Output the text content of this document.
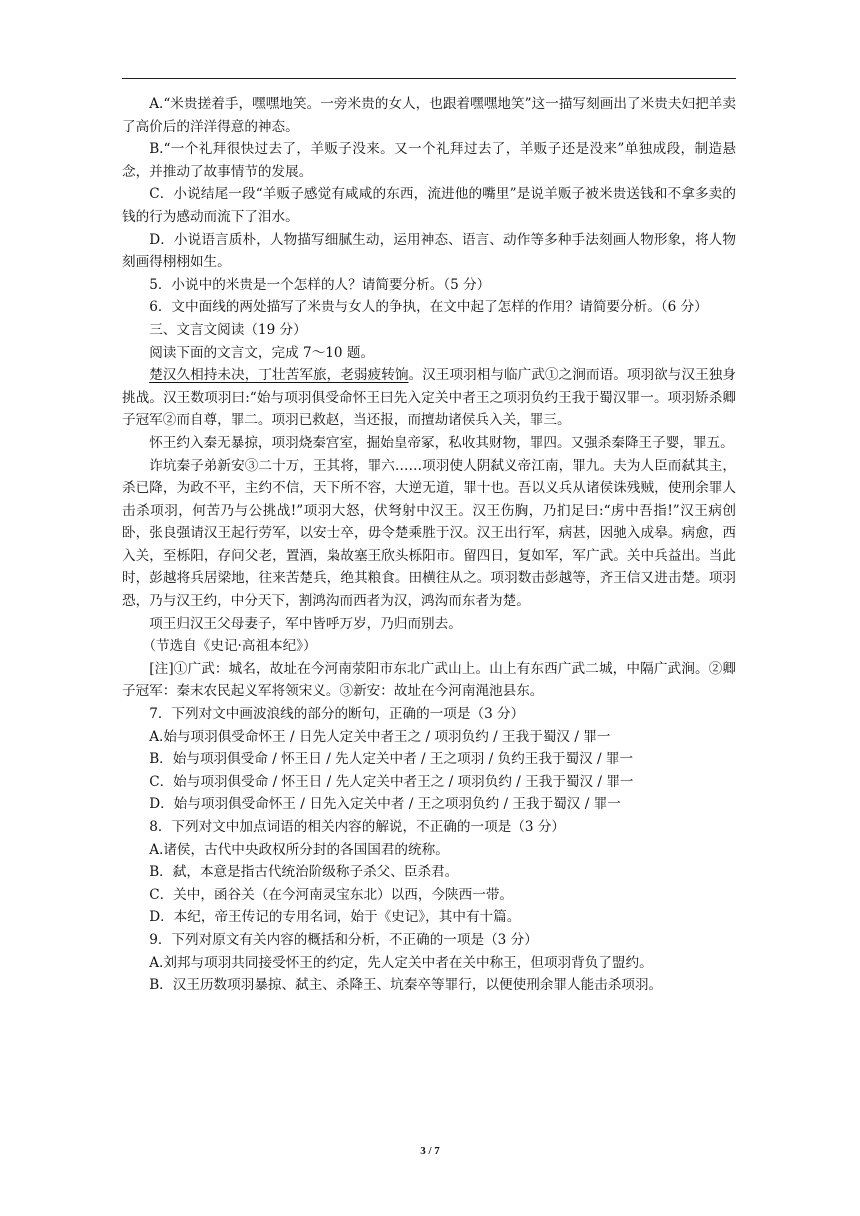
A.“米贵搓着手，嘿嘿地笑。一旁米贵的女人，也跟着嘿嘿地笑”这一描写刻画出了米贵夫妇把羊卖了高价后的洋洋得意的神态。

B.“一个礼拜很快过去了，羊贩子没来。又一个礼拜过去了，羊贩子还是没来”单独成段，制造悬念，并推动了故事情节的发展。

C．小说结尾一段“羊贩子感觉有咸咸的东西，流进他的嘴里”是说羊贩子被米贵送钱和不拿多卖的钱的行为感动而流下了泪水。

D．小说语言质朴，人物描写细腻生动，运用神态、语言、动作等多种手法刻画人物形象，将人物刻画得栩栩如生。

5．小说中的米贵是一个怎样的人？请简要分析。（5 分）

6．文中面线的两处描写了米贵与女人的争执，在文中起了怎样的作用？请简要分析。（6 分）

三、文言文阅读（19 分）

阅读下面的文言文，完成 7～10 题。

楚汉久相持未决，丁壮苦军旅，老弱疲转饷。汉王项羽相与临广武①之涧而语。项羽欲与汉王独身挑战。汉王数项羽曰:“始与项羽俱受命怀王曰先入定关中者王之项羽负约王我于蜀汉罪一。项羽矫杀卿子冠军②而自尊，罪二。项羽已救赵，当还报，而擅劫诸侯兵入关，罪三。

怀王约入秦无暴掠，项羽烧秦宫室，掘始皇帝冢，私收其财物，罪四。又强杀秦降王子婴，罪五。

诈坑秦子弟新安③二十万，王其将，罪六……项羽使人阴弑义帝江南，罪九。夫为人臣而弑其主，杀已降，为政不平，主约不信，天下所不容，大逆无道，罪十也。吾以义兵从诸侯诛残贼，使刑余罪人击杀项羽，何苦乃与公挑战!”项羽大怒，伏弩射中汉王。汉王伤胸，乃扪足曰:“虏中吾指!”汉王病创卧，张良强请汉王起行劳军，以安士卒，毋令楚乘胜于汉。汉王出行军，病甚，因驰入成皋。病愈，西入关，至栎阳，存问父老，置酒，枭故塞王欣头栎阳市。留四日，复如军，军广武。关中兵益出。当此时，彭越将兵居梁地，往来苦楚兵，绝其粮食。田横往从之。项羽数击彭越等，齐王信又进击楚。项羽恐，乃与汉王约，中分天下，割鸿沟而西者为汉，鸿沟而东者为楚。

项王归汉王父母妻子，军中皆呼万岁，乃归而别去。

（节选自《史记·高祖本纪》）

[注]①广武：城名，故址在今河南荥阳市东北广武山上。山上有东西广武二城，中隔广武涧。②卿子冠军：秦末农民起义军将领宋义。③新安：故址在今河南渑池县东。

7．下列对文中画波浪线的部分的断句，正确的一项是（3 分）

A.始与项羽俱受命怀王 / 日先人定关中者王之 / 项羽负约 / 王我于蜀汉 / 罪一

B．始与项羽俱受命 / 怀王日 / 先人定关中者 / 王之项羽 / 负约王我于蜀汉 / 罪一

C．始与项羽俱受命 / 怀王日 / 先人定关中者王之 / 项羽负约 / 王我于蜀汉 / 罪一

D．始与项羽俱受命怀王 / 日先入定关中者 / 王之项羽负约 / 王我于蜀汉 / 罪一

8．下列对文中加点词语的相关内容的解说，不正确的一项是（3 分）

A.诸侯，古代中央政权所分封的各国国君的统称。

B．弑，本意是指古代统治阶级称子杀父、臣杀君。

C．关中，函谷关（在今河南灵宝东北）以西，今陕西一带。

D．本纪，帝王传记的专用名词，始于《史记》，其中有十篇。

9．下列对原文有关内容的概括和分析，不正确的一项是（3 分）

A.刘邦与项羽共同接受怀王的约定，先人定关中者在关中称王，但项羽背负了盟约。

B．汉王历数项羽暴掠、弑主、杀降王、坑秦卒等罪行，以便使刑余罪人能击杀项羽。

3 / 7
